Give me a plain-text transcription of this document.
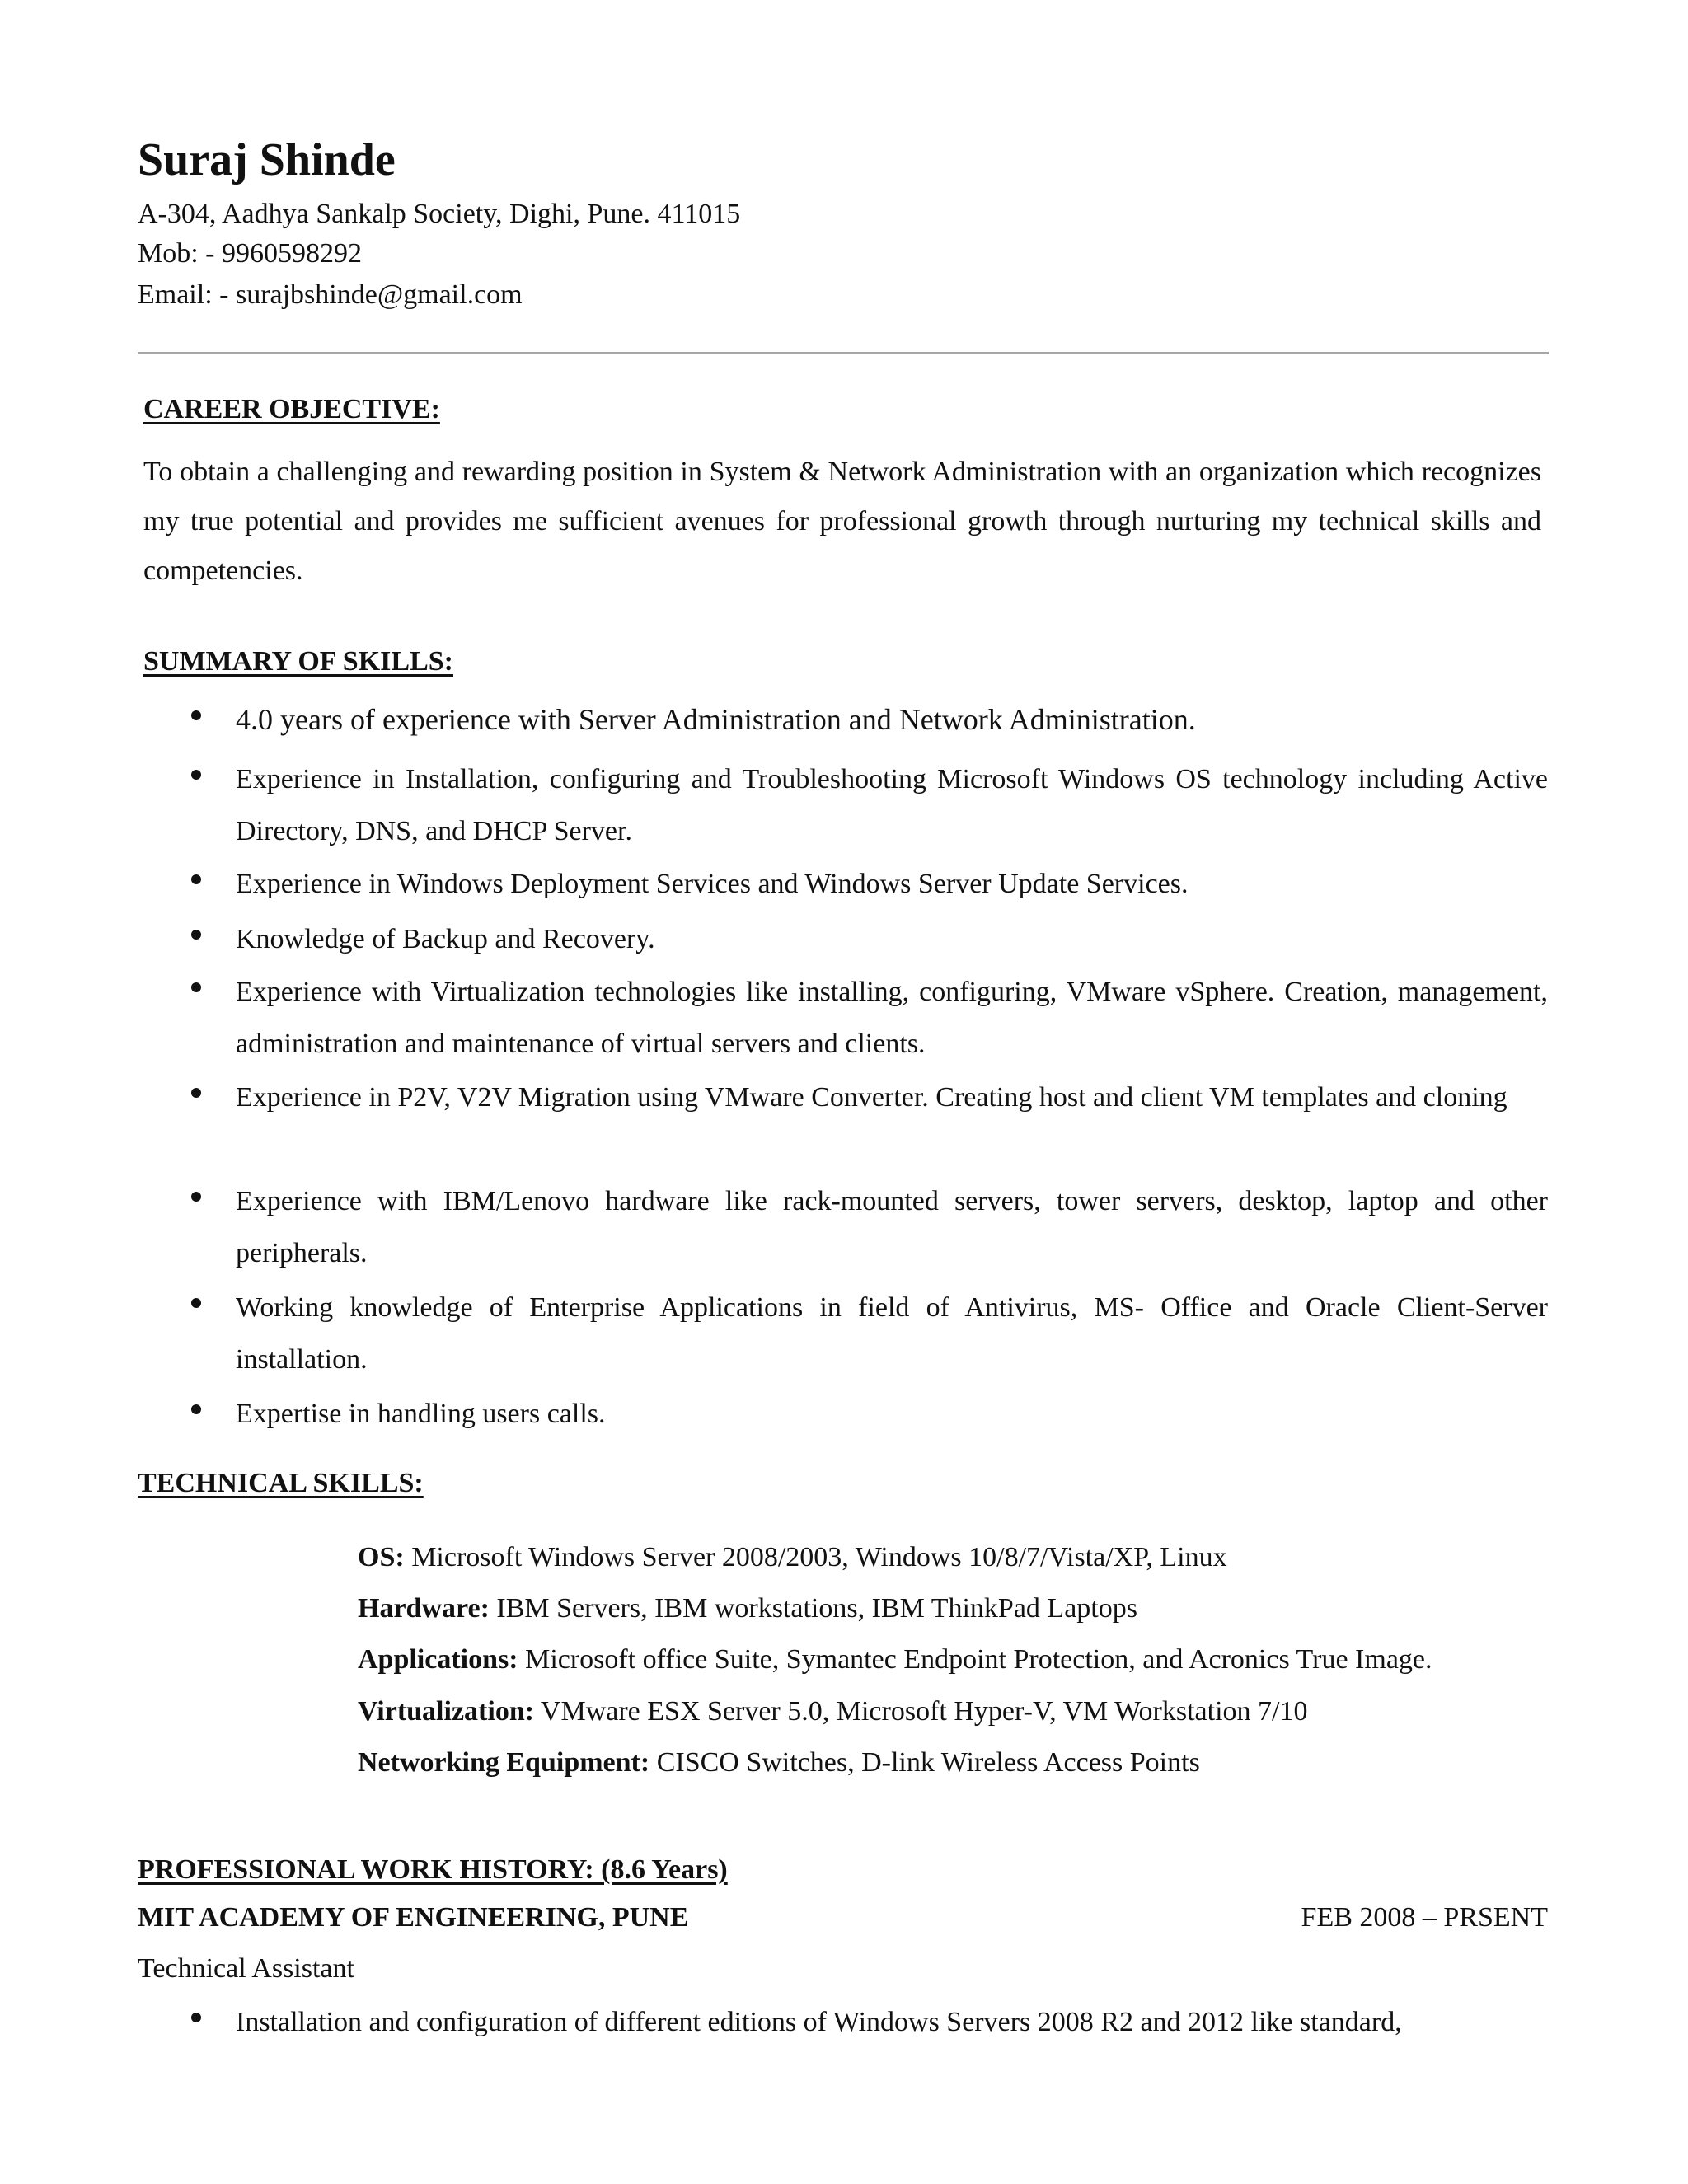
Suraj Shinde
A-304, Aadhya Sankalp Society, Dighi, Pune. 411015
Mob: - 9960598292
Email: - surajbshinde@gmail.com
CAREER OBJECTIVE:
To obtain a challenging and rewarding position in System & Network Administration with an organization which recognizes my true potential and provides me sufficient avenues for professional growth through nurturing my technical skills and competencies.
SUMMARY OF SKILLS:
4.0 years of experience with Server Administration and Network Administration.
Experience in Installation, configuring and Troubleshooting Microsoft Windows OS technology including Active Directory, DNS, and DHCP Server.
Experience in Windows Deployment Services and Windows Server Update Services.
Knowledge of Backup and Recovery.
Experience with Virtualization technologies like installing, configuring, VMware vSphere. Creation, management, administration and maintenance of virtual servers and clients.
Experience in P2V, V2V Migration using VMware Converter. Creating host and client VM templates and cloning
Experience with IBM/Lenovo hardware like rack-mounted servers, tower servers, desktop, laptop and other peripherals.
Working knowledge of Enterprise Applications in field of Antivirus, MS- Office and Oracle Client-Server installation.
Expertise in handling users calls.
TECHNICAL SKILLS:
OS: Microsoft Windows Server 2008/2003, Windows 10/8/7/Vista/XP, Linux
Hardware: IBM Servers, IBM workstations, IBM ThinkPad Laptops
Applications: Microsoft office Suite, Symantec Endpoint Protection, and Acronics True Image.
Virtualization: VMware ESX Server 5.0, Microsoft Hyper-V, VM Workstation 7/10
Networking Equipment: CISCO Switches, D-link Wireless Access Points
PROFESSIONAL WORK HISTORY: (8.6 Years)
MIT ACADEMY OF ENGINEERING, PUNE	FEB 2008 – PRSENT
Technical Assistant
Installation and configuration of different editions of Windows Servers 2008 R2 and 2012 like standard,
